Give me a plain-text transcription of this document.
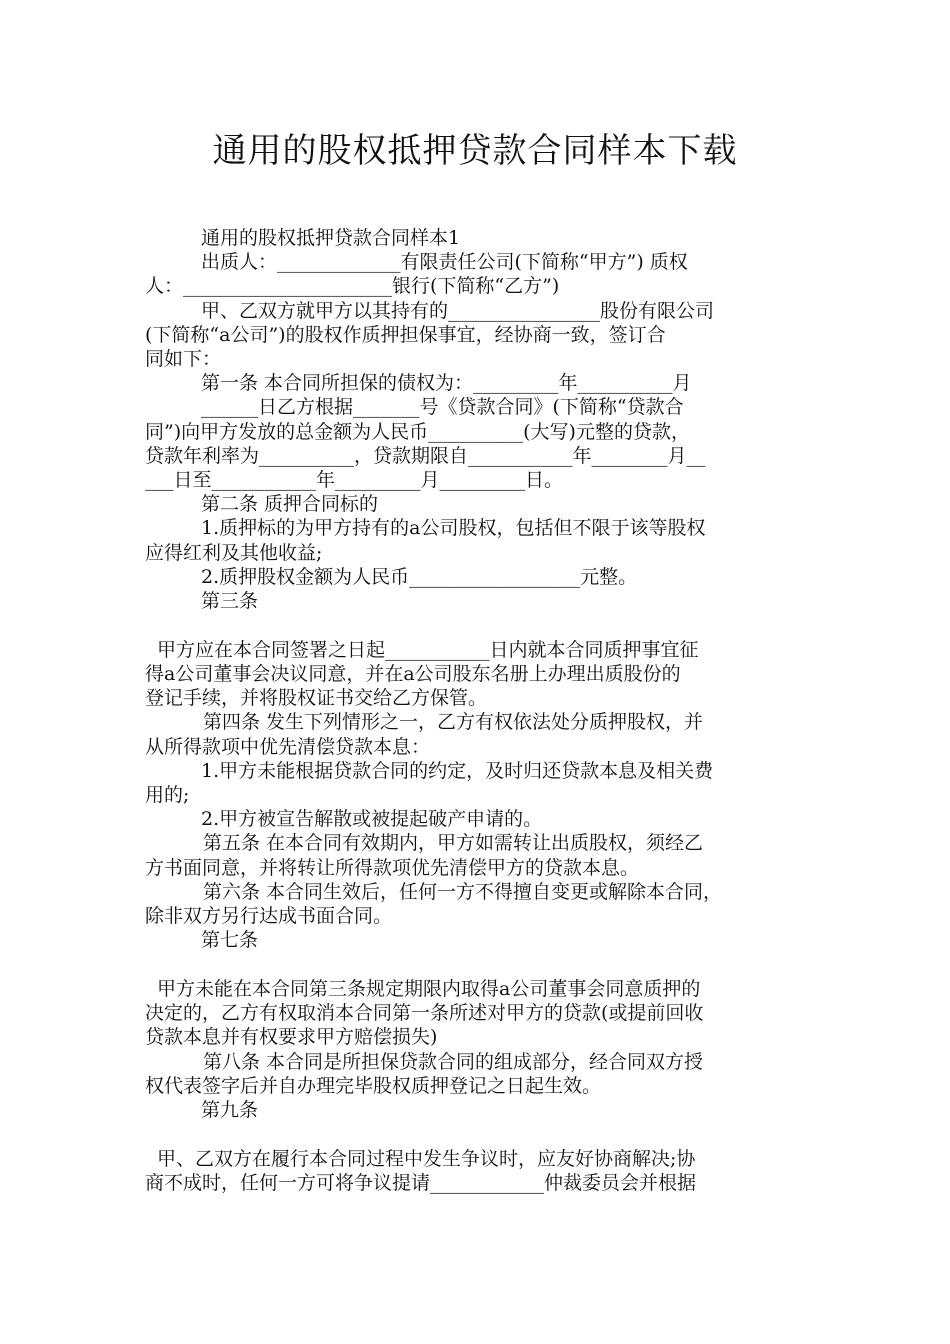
通用的股权抵押贷款合同样本下载

通用的股权抵押贷款合同样本1

出质人：_____________有限责任公司(下简称“甲方”) 质权

人：______________________银行(下简称“乙方”)

甲、乙双方就甲方以其持有的________________股份有限公司

(下简称“a公司”)的股权作质押担保事宜，经协商一致，签订合

同如下：

第一条 本合同所担保的债权为：_________年__________月

______日乙方根据_______号《贷款合同》(下简称“贷款合

同”)向甲方发放的总金额为人民币__________(大写)元整的贷款，

贷款年利率为__________，贷款期限自___________年________月__

___日至___________年_________月_________日。

第二条 质押合同标的

1.质押标的为甲方持有的a公司股权，包括但不限于该等股权

应得红利及其他收益;

2.质押股权金额为人民币__________________元整。

第三条

甲方应在本合同签署之日起___________日内就本合同质押事宜征

得a公司董事会决议同意，并在a公司股东名册上办理出质股份的

登记手续，并将股权证书交给乙方保管。

第四条 发生下列情形之一，乙方有权依法处分质押股权，并

从所得款项中优先清偿贷款本息：

1.甲方未能根据贷款合同的约定，及时归还贷款本息及相关费

用的;

2.甲方被宣告解散或被提起破产申请的。

第五条 在本合同有效期内，甲方如需转让出质股权，须经乙

方书面同意，并将转让所得款项优先清偿甲方的贷款本息。

第六条 本合同生效后，任何一方不得擅自变更或解除本合同，

除非双方另行达成书面合同。

第七条

甲方未能在本合同第三条规定期限内取得a公司董事会同意质押的

决定的，乙方有权取消本合同第一条所述对甲方的贷款(或提前回收

贷款本息并有权要求甲方赔偿损失)

第八条 本合同是所担保贷款合同的组成部分，经合同双方授

权代表签字后并自办理完毕股权质押登记之日起生效。

第九条

甲、乙双方在履行本合同过程中发生争议时，应友好协商解决;协

商不成时，任何一方可将争议提请____________仲裁委员会并根据
